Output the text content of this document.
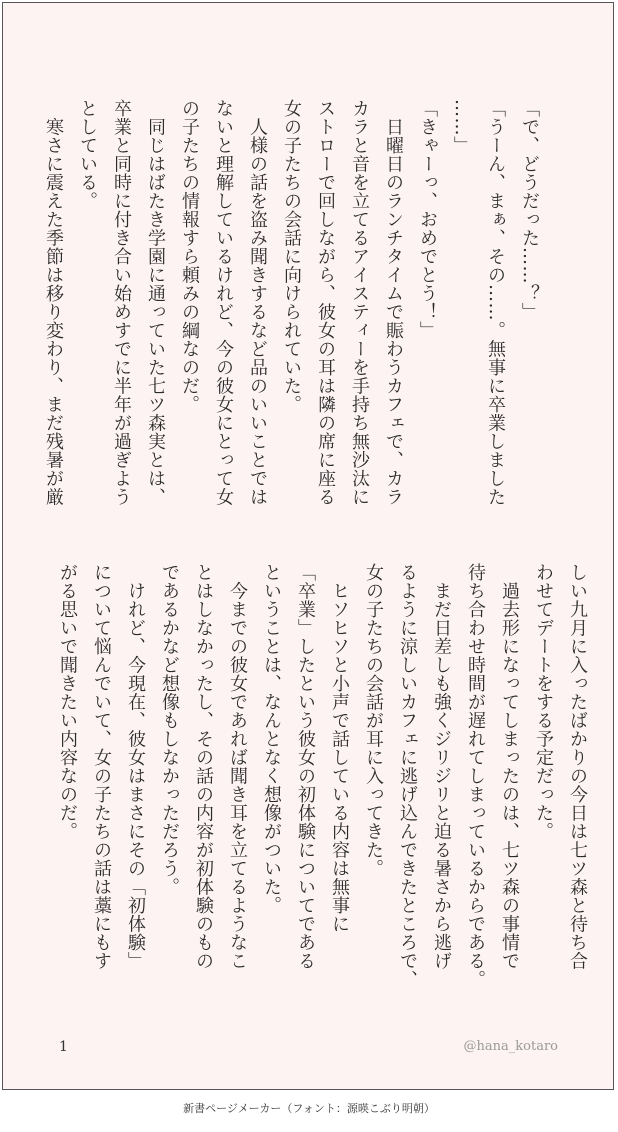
「で、どうだった……？」
「うーん、まぁ、その……。無事に卒業しました
……」
「きゃーっ、おめでとう！」
　日曜日のランチタイムで賑わうカフェで、カラ
カラと音を立てるアイスティーを手持ち無沙汰に
ストローで回しながら、彼女の耳は隣の席に座る
女の子たちの会話に向けられていた。
　人様の話を盗み聞きするなど品のいいことでは
ないと理解しているけれど、今の彼女にとって女
の子たちの情報すら頼みの綱なのだ。
　同じはばたき学園に通っていた七ツ森実とは、
卒業と同時に付き合い始めすでに半年が過ぎよう
としている。
　寒さに震えた季節は移り変わり、まだ残暑が厳
しい九月に入ったばかりの今日は七ツ森と待ち合
わせてデートをする予定だった。
　過去形になってしまったのは、七ツ森の事情で
待ち合わせ時間が遅れてしまっているからである。
　まだ日差しも強くジリジリと迫る暑さから逃げ
るように涼しいカフェに逃げ込んできたところで、
女の子たちの会話が耳に入ってきた。
　ヒソヒソと小声で話している内容は無事に
「卒業」したという彼女の初体験についてである
ということは、なんとなく想像がついた。
　今までの彼女であれば聞き耳を立てるようなこ
とはしなかったし、その話の内容が初体験のもの
であるかなど想像もしなかっただろう。
　けれど、今現在、彼女はまさにその「初体験」
について悩んでいて、女の子たちの話は藁にもす
がる思いで聞きたい内容なのだ。
1	@hana_kotaro
新書ページメーカー（フォント：源暎こぶり明朝）
